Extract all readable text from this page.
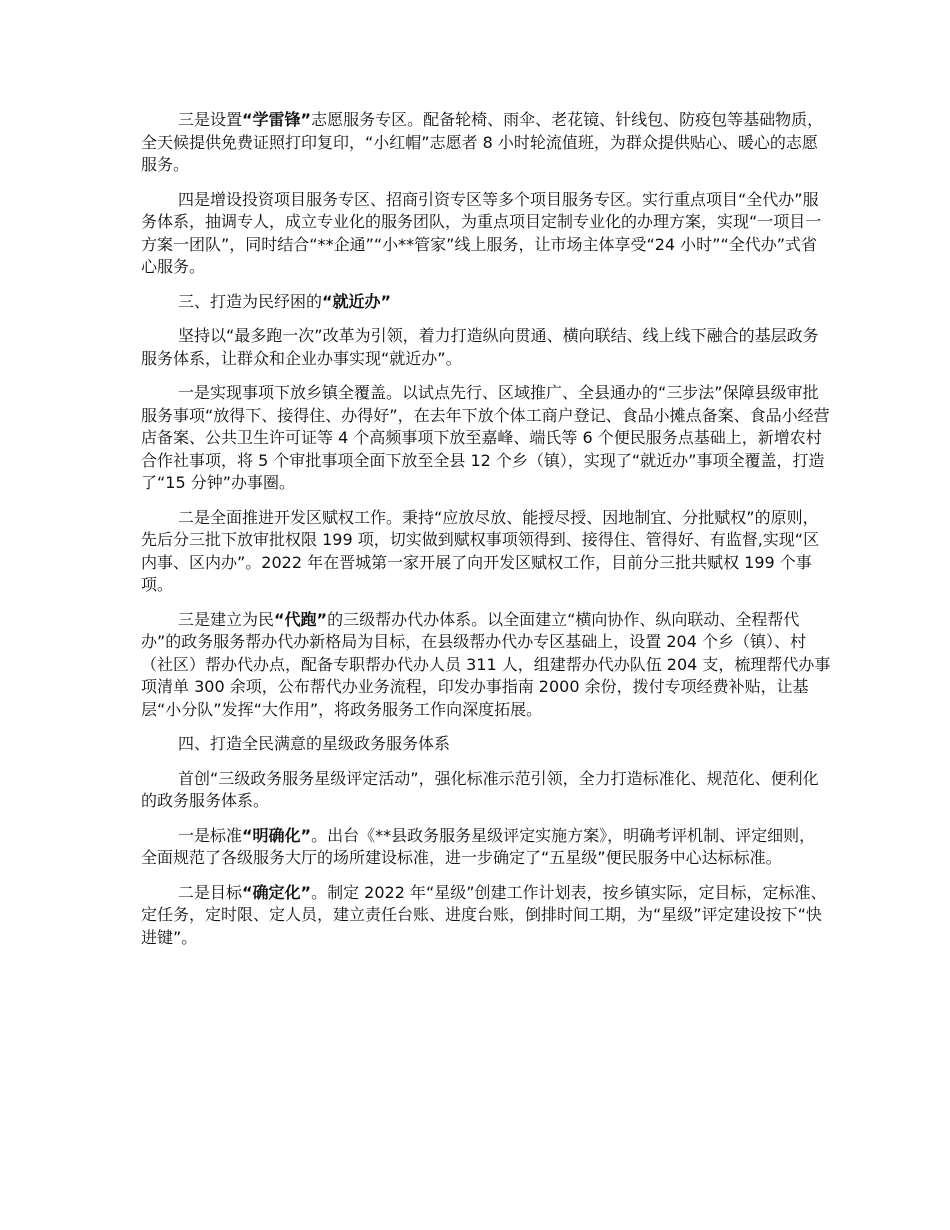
三是设置“学雷锋”志愿服务专区。配备轮椅、雨伞、老花镜、针线包、防疫包等基础物质，全天候提供免费证照打印复印，“小红帽”志愿者 8 小时轮流值班，为群众提供贴心、暖心的志愿服务。

四是增设投资项目服务专区、招商引资专区等多个项目服务专区。实行重点项目“全代办”服务体系，抽调专人，成立专业化的服务团队，为重点项目定制专业化的办理方案，实现“一项目一方案一团队”，同时结合“**企通”“小**管家”线上服务，让市场主体享受“24 小时”“全代办”式省心服务。

三、打造为民纾困的“就近办”

坚持以“最多跑一次”改革为引领，着力打造纵向贯通、横向联结、线上线下融合的基层政务服务体系，让群众和企业办事实现“就近办”。

一是实现事项下放乡镇全覆盖。以试点先行、区域推广、全县通办的“三步法”保障县级审批服务事项“放得下、接得住、办得好”，在去年下放个体工商户登记、食品小摊点备案、食品小经营店备案、公共卫生许可证等 4 个高频事项下放至嘉峰、端氏等 6 个便民服务点基础上，新增农村合作社事项，将 5 个审批事项全面下放至全县 12 个乡（镇），实现了“就近办”事项全覆盖，打造了“15 分钟”办事圈。

二是全面推进开发区赋权工作。秉持“应放尽放、能授尽授、因地制宜、分批赋权”的原则，先后分三批下放审批权限 199 项，切实做到赋权事项领得到、接得住、管得好、有监督,实现“区内事、区内办”。2022 年在晋城第一家开展了向开发区赋权工作，目前分三批共赋权 199 个事项。

三是建立为民“代跑”的三级帮办代办体系。以全面建立“横向协作、纵向联动、全程帮代办”的政务服务帮办代办新格局为目标，在县级帮办代办专区基础上，设置 204 个乡（镇）、村（社区）帮办代办点，配备专职帮办代办人员 311 人，组建帮办代办队伍 204 支，梳理帮代办事项清单 300 余项，公布帮代办业务流程，印发办事指南 2000 余份，拨付专项经费补贴，让基层“小分队”发挥“大作用”，将政务服务工作向深度拓展。

四、打造全民满意的星级政务服务体系

首创“三级政务服务星级评定活动”，强化标准示范引领，全力打造标准化、规范化、便利化的政务服务体系。

一是标准“明确化”。出台《**县政务服务星级评定实施方案》，明确考评机制、评定细则，全面规范了各级服务大厅的场所建设标准，进一步确定了“五星级”便民服务中心达标标准。

二是目标“确定化”。制定 2022 年“星级”创建工作计划表，按乡镇实际，定目标，定标准、定任务，定时限、定人员，建立责任台账、进度台账，倒排时间工期，为“星级”评定建设按下“快进键”。
